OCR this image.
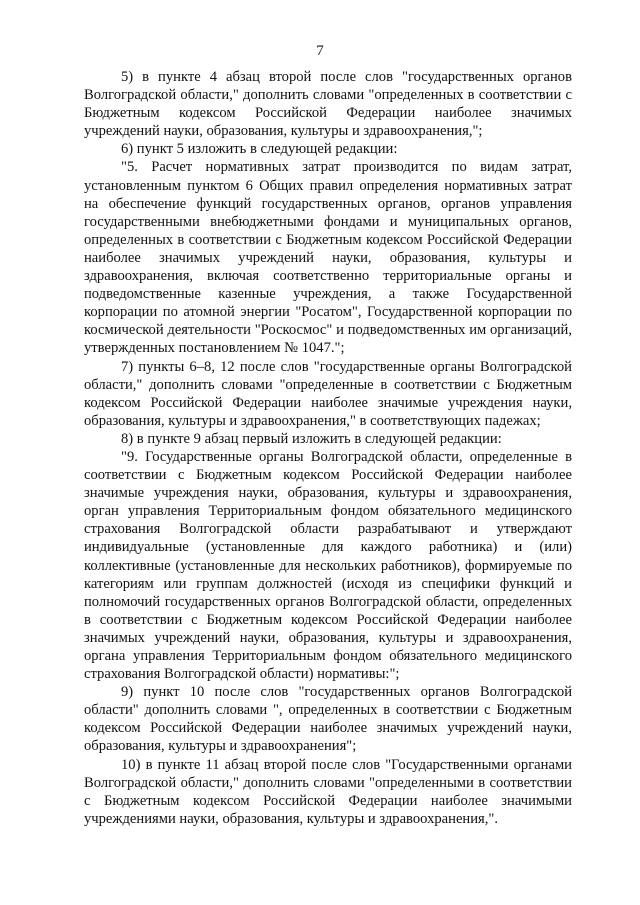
7

5) в пункте 4 абзац второй после слов "государственных органов Волгоградской области," дополнить словами "определенных в соответствии с Бюджетным кодексом Российской Федерации наиболее значимых учреждений науки, образования, культуры и здравоохранения,";

6) пункт 5 изложить в следующей редакции:

"5. Расчет нормативных затрат производится по видам затрат, установленным пунктом 6 Общих правил определения нормативных затрат на обеспечение функций государственных органов, органов управления государственными внебюджетными фондами и муниципальных органов, определенных в соответствии с Бюджетным кодексом Российской Федерации наиболее значимых учреждений науки, образования, культуры и здравоохранения, включая соответственно территориальные органы и подведомственные казенные учреждения, а также Государственной корпорации по атомной энергии "Росатом", Государственной корпорации по космической деятельности "Роскосмос" и подведомственных им организаций, утвержденных постановлением № 1047.";

7) пункты 6–8, 12 после слов "государственные органы Волгоградской области," дополнить словами "определенные в соответствии с Бюджетным кодексом Российской Федерации наиболее значимые учреждения науки, образования, культуры и здравоохранения," в соответствующих падежах;

8) в пункте 9 абзац первый изложить в следующей редакции:

"9. Государственные органы Волгоградской области, определенные в соответствии с Бюджетным кодексом Российской Федерации наиболее значимые учреждения науки, образования, культуры и здравоохранения, орган управления Территориальным фондом обязательного медицинского страхования Волгоградской области разрабатывают и утверждают индивидуальные (установленные для каждого работника) и (или) коллективные (установленные для нескольких работников), формируемые по категориям или группам должностей (исходя из специфики функций и полномочий государственных органов Волгоградской области, определенных в соответствии с Бюджетным кодексом Российской Федерации наиболее значимых учреждений науки, образования, культуры и здравоохранения, органа управления Территориальным фондом обязательного медицинского страхования Волгоградской области) нормативы:";

9) пункт 10 после слов "государственных органов Волгоградской области" дополнить словами ", определенных в соответствии с Бюджетным кодексом Российской Федерации наиболее значимых учреждений науки, образования, культуры и здравоохранения";

10) в пункте 11 абзац второй после слов "Государственными органами Волгоградской области," дополнить словами "определенными в соответствии с Бюджетным кодексом Российской Федерации наиболее значимыми учреждениями науки, образования, культуры и здравоохранения,".
